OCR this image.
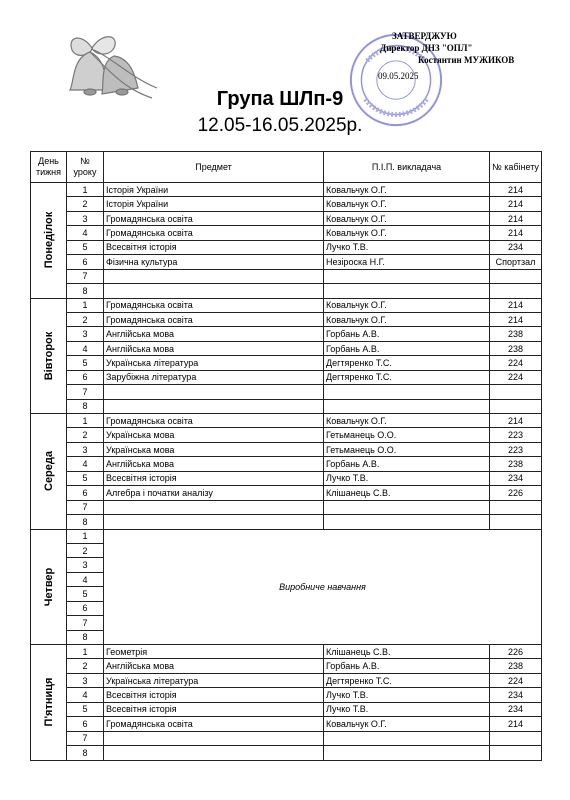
ЗАТВЕРДЖУЮ
Директор ДНЗ "ОПЛ"
Костянтин МУЖИКОВ
09.05.2025
Група ШЛп-9
12.05-16.05.2025р.
День тижня	№ уроку	Предмет	П.І.П. викладача	№ кабінету

Понеділок	1	Історія України	Ковальчук О.Г.	214
	2	Історія України	Ковальчук О.Г.	214
	3	Громадянська освіта	Ковальчук О.Г.	214
	4	Громадянська освіта	Ковальчук О.Г.	214
	5	Всесвітня історія	Лучко Т.В.	234
	6	Фізична культура	Незіроска Н.Г.	Спортзал
	7			
	8			

Вівторок	1	Громадянська освіта	Ковальчук О.Г.	214
	2	Громадянська освіта	Ковальчук О.Г.	214
	3	Англійська мова	Горбань А.В.	238
	4	Англійська мова	Горбань А.В.	238
	5	Українська література	Дегтяренко Т.С.	224
	6	Зарубіжна література	Дегтяренко Т.С.	224
	7			
	8			

Середа	1	Громадянська освіта	Ковальчук О.Г.	214
	2	Українська мова	Гетьманець О.О.	223
	3	Українська мова	Гетьманець О.О.	223
	4	Англійська мова	Горбань А.В.	238
	5	Всесвітня історія	Лучко Т.В.	234
	6	Алгебра і початки аналізу	Клішанець С.В.	226
	7			
	8			

Четвер	1	Виробниче навчання		
	2			
	3			
	4			
	5			
	6			
	7			
	8			

П'ятниця	1	Геометрія	Клішанець С.В.	226
	2	Англійська мова	Горбань А.В.	238
	3	Українська література	Дегтяренко Т.С.	224
	4	Всесвітня історія	Лучко Т.В.	234
	5	Всесвітня історія	Лучко Т.В.	234
	6	Громадянська освіта	Ковальчук О.Г.	214
	7			
	8			
